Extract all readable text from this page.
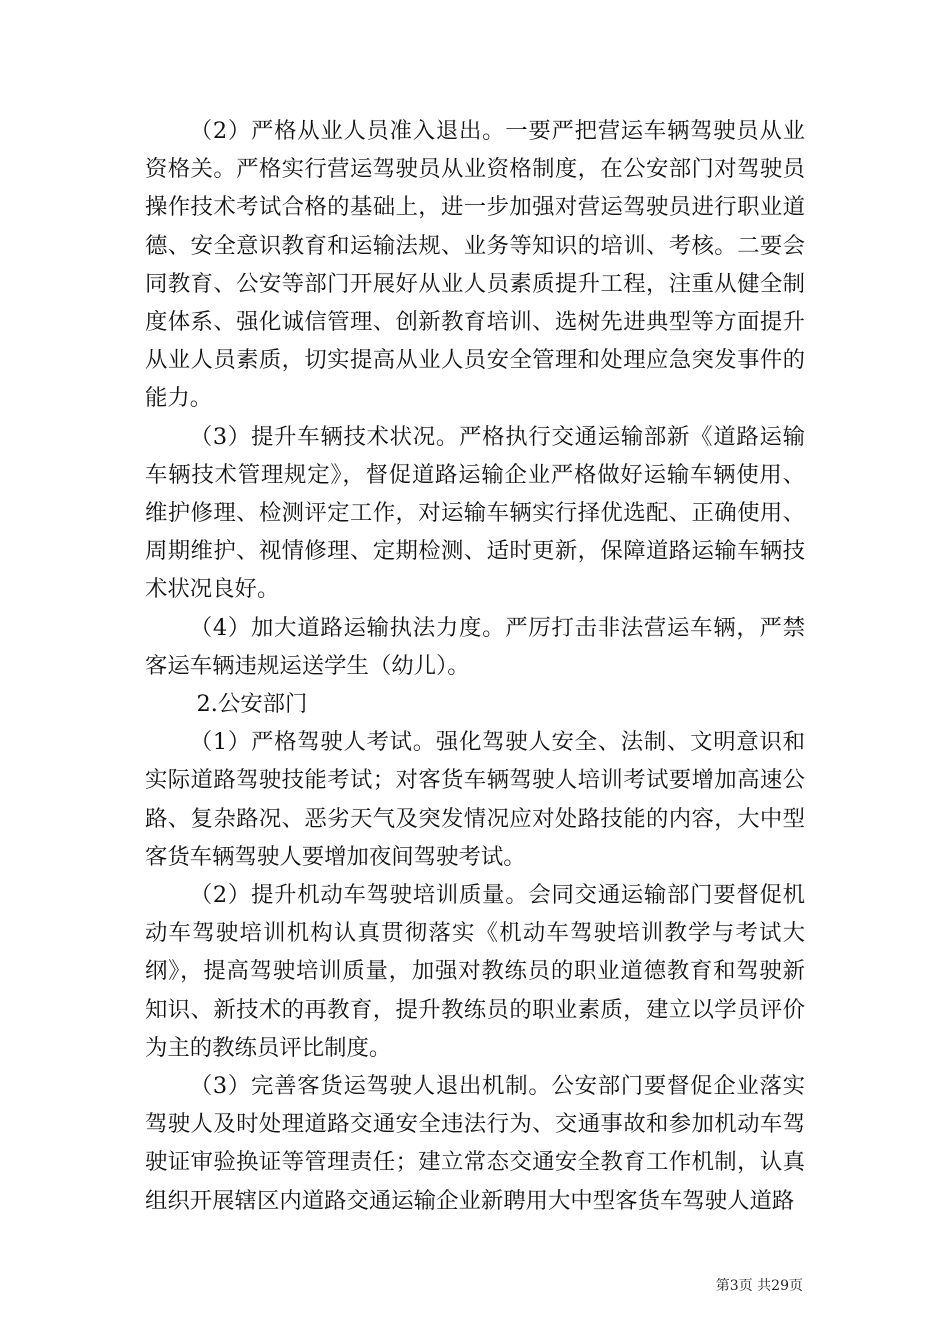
（2）严格从业人员准入退出。一要严把营运车辆驾驶员从业资格关。严格实行营运驾驶员从业资格制度，在公安部门对驾驶员操作技术考试合格的基础上，进一步加强对营运驾驶员进行职业道德、安全意识教育和运输法规、业务等知识的培训、考核。二要会同教育、公安等部门开展好从业人员素质提升工程，注重从健全制度体系、强化诚信管理、创新教育培训、选树先进典型等方面提升从业人员素质，切实提高从业人员安全管理和处理应急突发事件的能力。

（3）提升车辆技术状况。严格执行交通运输部新《道路运输车辆技术管理规定》，督促道路运输企业严格做好运输车辆使用、维护修理、检测评定工作，对运输车辆实行择优选配、正确使用、周期维护、视情修理、定期检测、适时更新，保障道路运输车辆技术状况良好。

（4）加大道路运输执法力度。严厉打击非法营运车辆，严禁客运车辆违规运送学生（幼儿）。

2.公安部门

（1）严格驾驶人考试。强化驾驶人安全、法制、文明意识和实际道路驾驶技能考试；对客货车辆驾驶人培训考试要增加高速公路、复杂路况、恶劣天气及突发情况应对处路技能的内容，大中型客货车辆驾驶人要增加夜间驾驶考试。

（2）提升机动车驾驶培训质量。会同交通运输部门要督促机动车驾驶培训机构认真贯彻落实《机动车驾驶培训教学与考试大纲》，提高驾驶培训质量，加强对教练员的职业道德教育和驾驶新知识、新技术的再教育，提升教练员的职业素质，建立以学员评价为主的教练员评比制度。

（3）完善客货运驾驶人退出机制。公安部门要督促企业落实驾驶人及时处理道路交通安全违法行为、交通事故和参加机动车驾驶证审验换证等管理责任；建立常态交通安全教育工作机制，认真组织开展辖区内道路交通运输企业新聘用大中型客货车驾驶人道路

第3页 共29页
